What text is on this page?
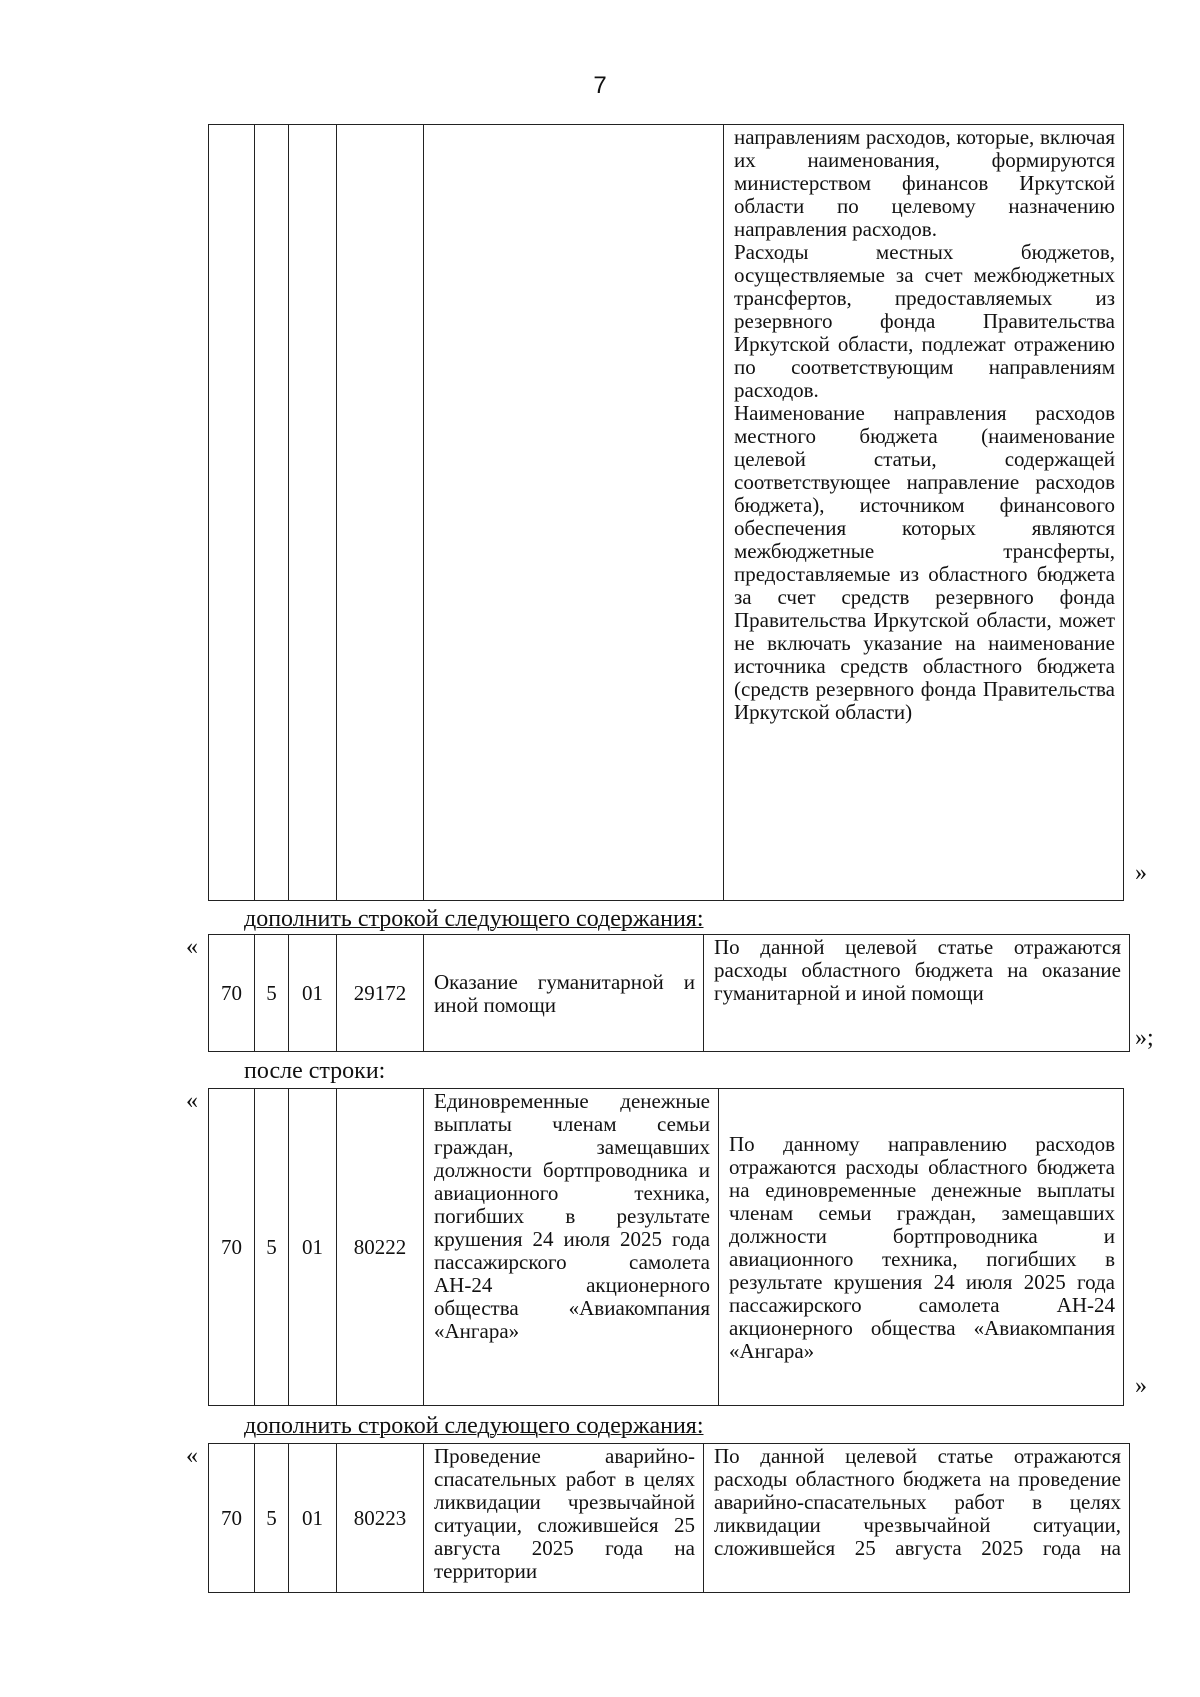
7

направлениям расходов, которые, включая их наименования, формируются министерством финансов Иркутской области по целевому назначению направления расходов.
Расходы местных бюджетов, осуществляемые за счет межбюджетных трансфертов, предоставляемых из резервного фонда Правительства Иркутской области, подлежат отражению по соответствующим направлениям расходов.
Наименование направления расходов местного бюджета (наименование целевой статьи, содержащей соответствующее направление расходов бюджета), источником финансового обеспечения которых являются межбюджетные трансферты, предоставляемые из областного бюджета за счет средств резервного фонда Правительства Иркутской области, может не включать указание на наименование источника средств областного бюджета (средств резервного фонда Правительства Иркутской области)
»
дополнить строкой следующего содержания:
«
70	5	01	29172	Оказание гуманитарной и иной помощи	По данной целевой статье отражаются расходы областного бюджета на оказание гуманитарной и иной помощи
»;
после строки:
«
70	5	01	80222	Единовременные денежные выплаты членам семьи граждан, замещавших должности бортпроводника и авиационного техника, погибших в результате крушения 24 июля 2025 года пассажирского самолета АН-24 акционерного общества «Авиакомпания «Ангара»	По данному направлению расходов отражаются расходы областного бюджета на единовременные денежные выплаты членам семьи граждан, замещавших должности бортпроводника и авиационного техника, погибших в результате крушения 24 июля 2025 года пассажирского самолета АН-24 акционерного общества «Авиакомпания «Ангара»
»
дополнить строкой следующего содержания:
«
70	5	01	80223	Проведение аварийно-спасательных работ в целях ликвидации чрезвычайной ситуации, сложившейся 25 августа 2025 года на территории	По данной целевой статье отражаются расходы областного бюджета на проведение аварийно-спасательных работ в целях ликвидации чрезвычайной ситуации, сложившейся 25 августа 2025 года на
